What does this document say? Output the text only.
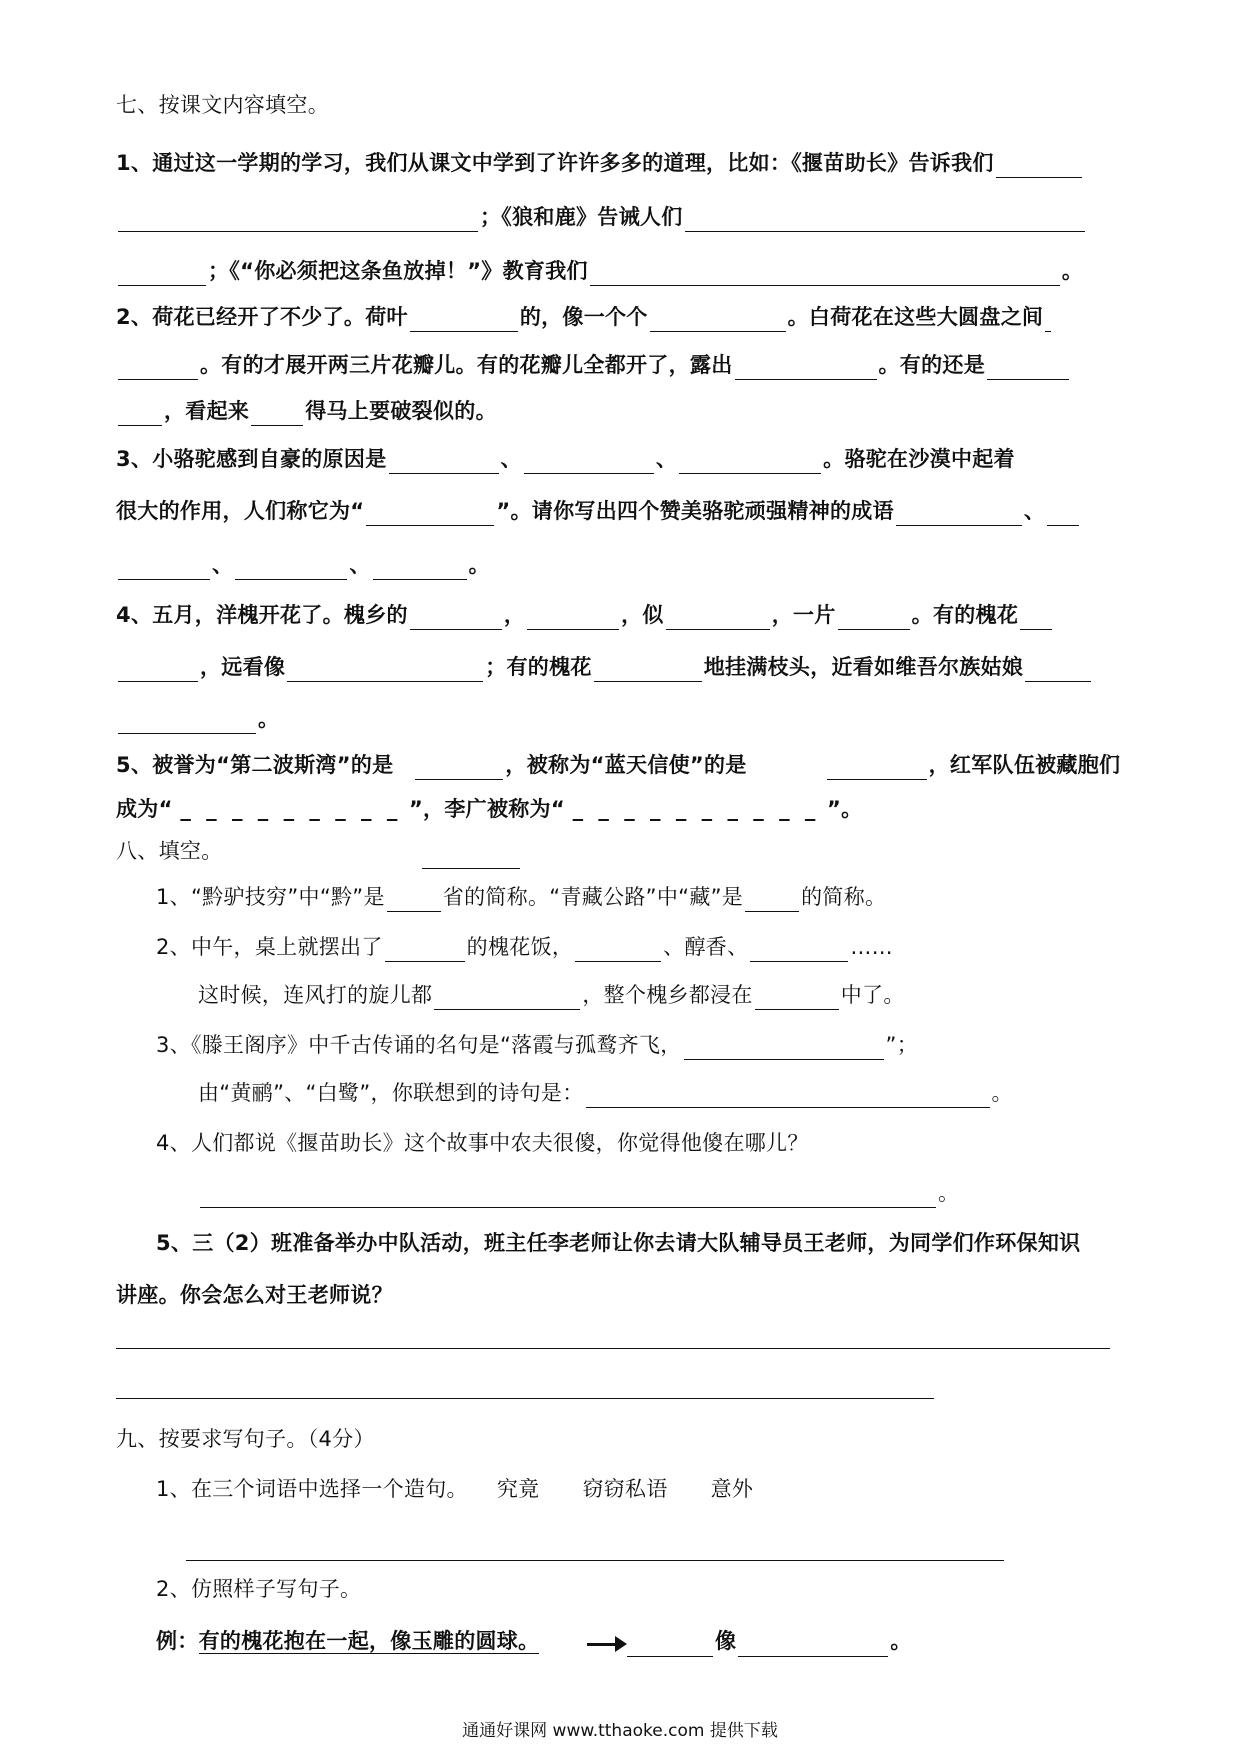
七、按课文内容填空。
1、通过这一学期的学习，我们从课文中学到了许许多多的道理，比如：《揠苗助长》告诉我们
；《狼和鹿》告诫人们
；《“你必须把这条鱼放掉！”》教育我们	。
2、荷花已经开了不少了。荷叶	的，像一个个	。白荷花在这些大圆盘之间
。有的才展开两三片花瓣儿。有的花瓣儿全都开了，露出	。有的还是
，看起来	得马上要破裂似的。
3、小骆驼感到自豪的原因是	、	、	。骆驼在沙漠中起着
很大的作用，人们称它为“	”。请你写出四个赞美骆驼顽强精神的成语	、
、	、	。
4、五月，洋槐开花了。槐乡的	，	，似	，一片	。有的槐花
，远看像	；有的槐花	地挂满枝头，近看如维吾尔族姑娘
。
5、被誉为“第二波斯湾”的是	，被称为“蓝天信使”的是	，红军队伍被藏胞们
成为“ _ _ _ _ _ _ _ _ _ ”，李广被称为“ _ _ _ _ _ _ _ _ _ _ ”。
八、填空。
1、“黔驴技穷”中“黔”是	省的简称。“青藏公路”中“藏”是	的简称。
2、中午，桌上就摆出了	的槐花饭，	、醇香、	……
这时候，连风打的旋儿都	，整个槐乡都浸在	中了。
3、《滕王阁序》中千古传诵的名句是“落霞与孤鹜齐飞，	”；
由“黄鹂”、“白鹭”，你联想到的诗句是：	。
4、人们都说《揠苗助长》这个故事中农夫很傻，你觉得他傻在哪儿？
。
5、三（2）班准备举办中队活动，班主任李老师让你去请大队辅导员王老师，为同学们作环保知识
讲座。你会怎么对王老师说？
九、按要求写句子。（4分）
1、在三个词语中选择一个造句。 究竟 窃窃私语 意外
2、仿照样子写句子。
例：有的槐花抱在一起，像玉雕的圆球。	像	。
通通好课网 www.tthaoke.com 提供下载
